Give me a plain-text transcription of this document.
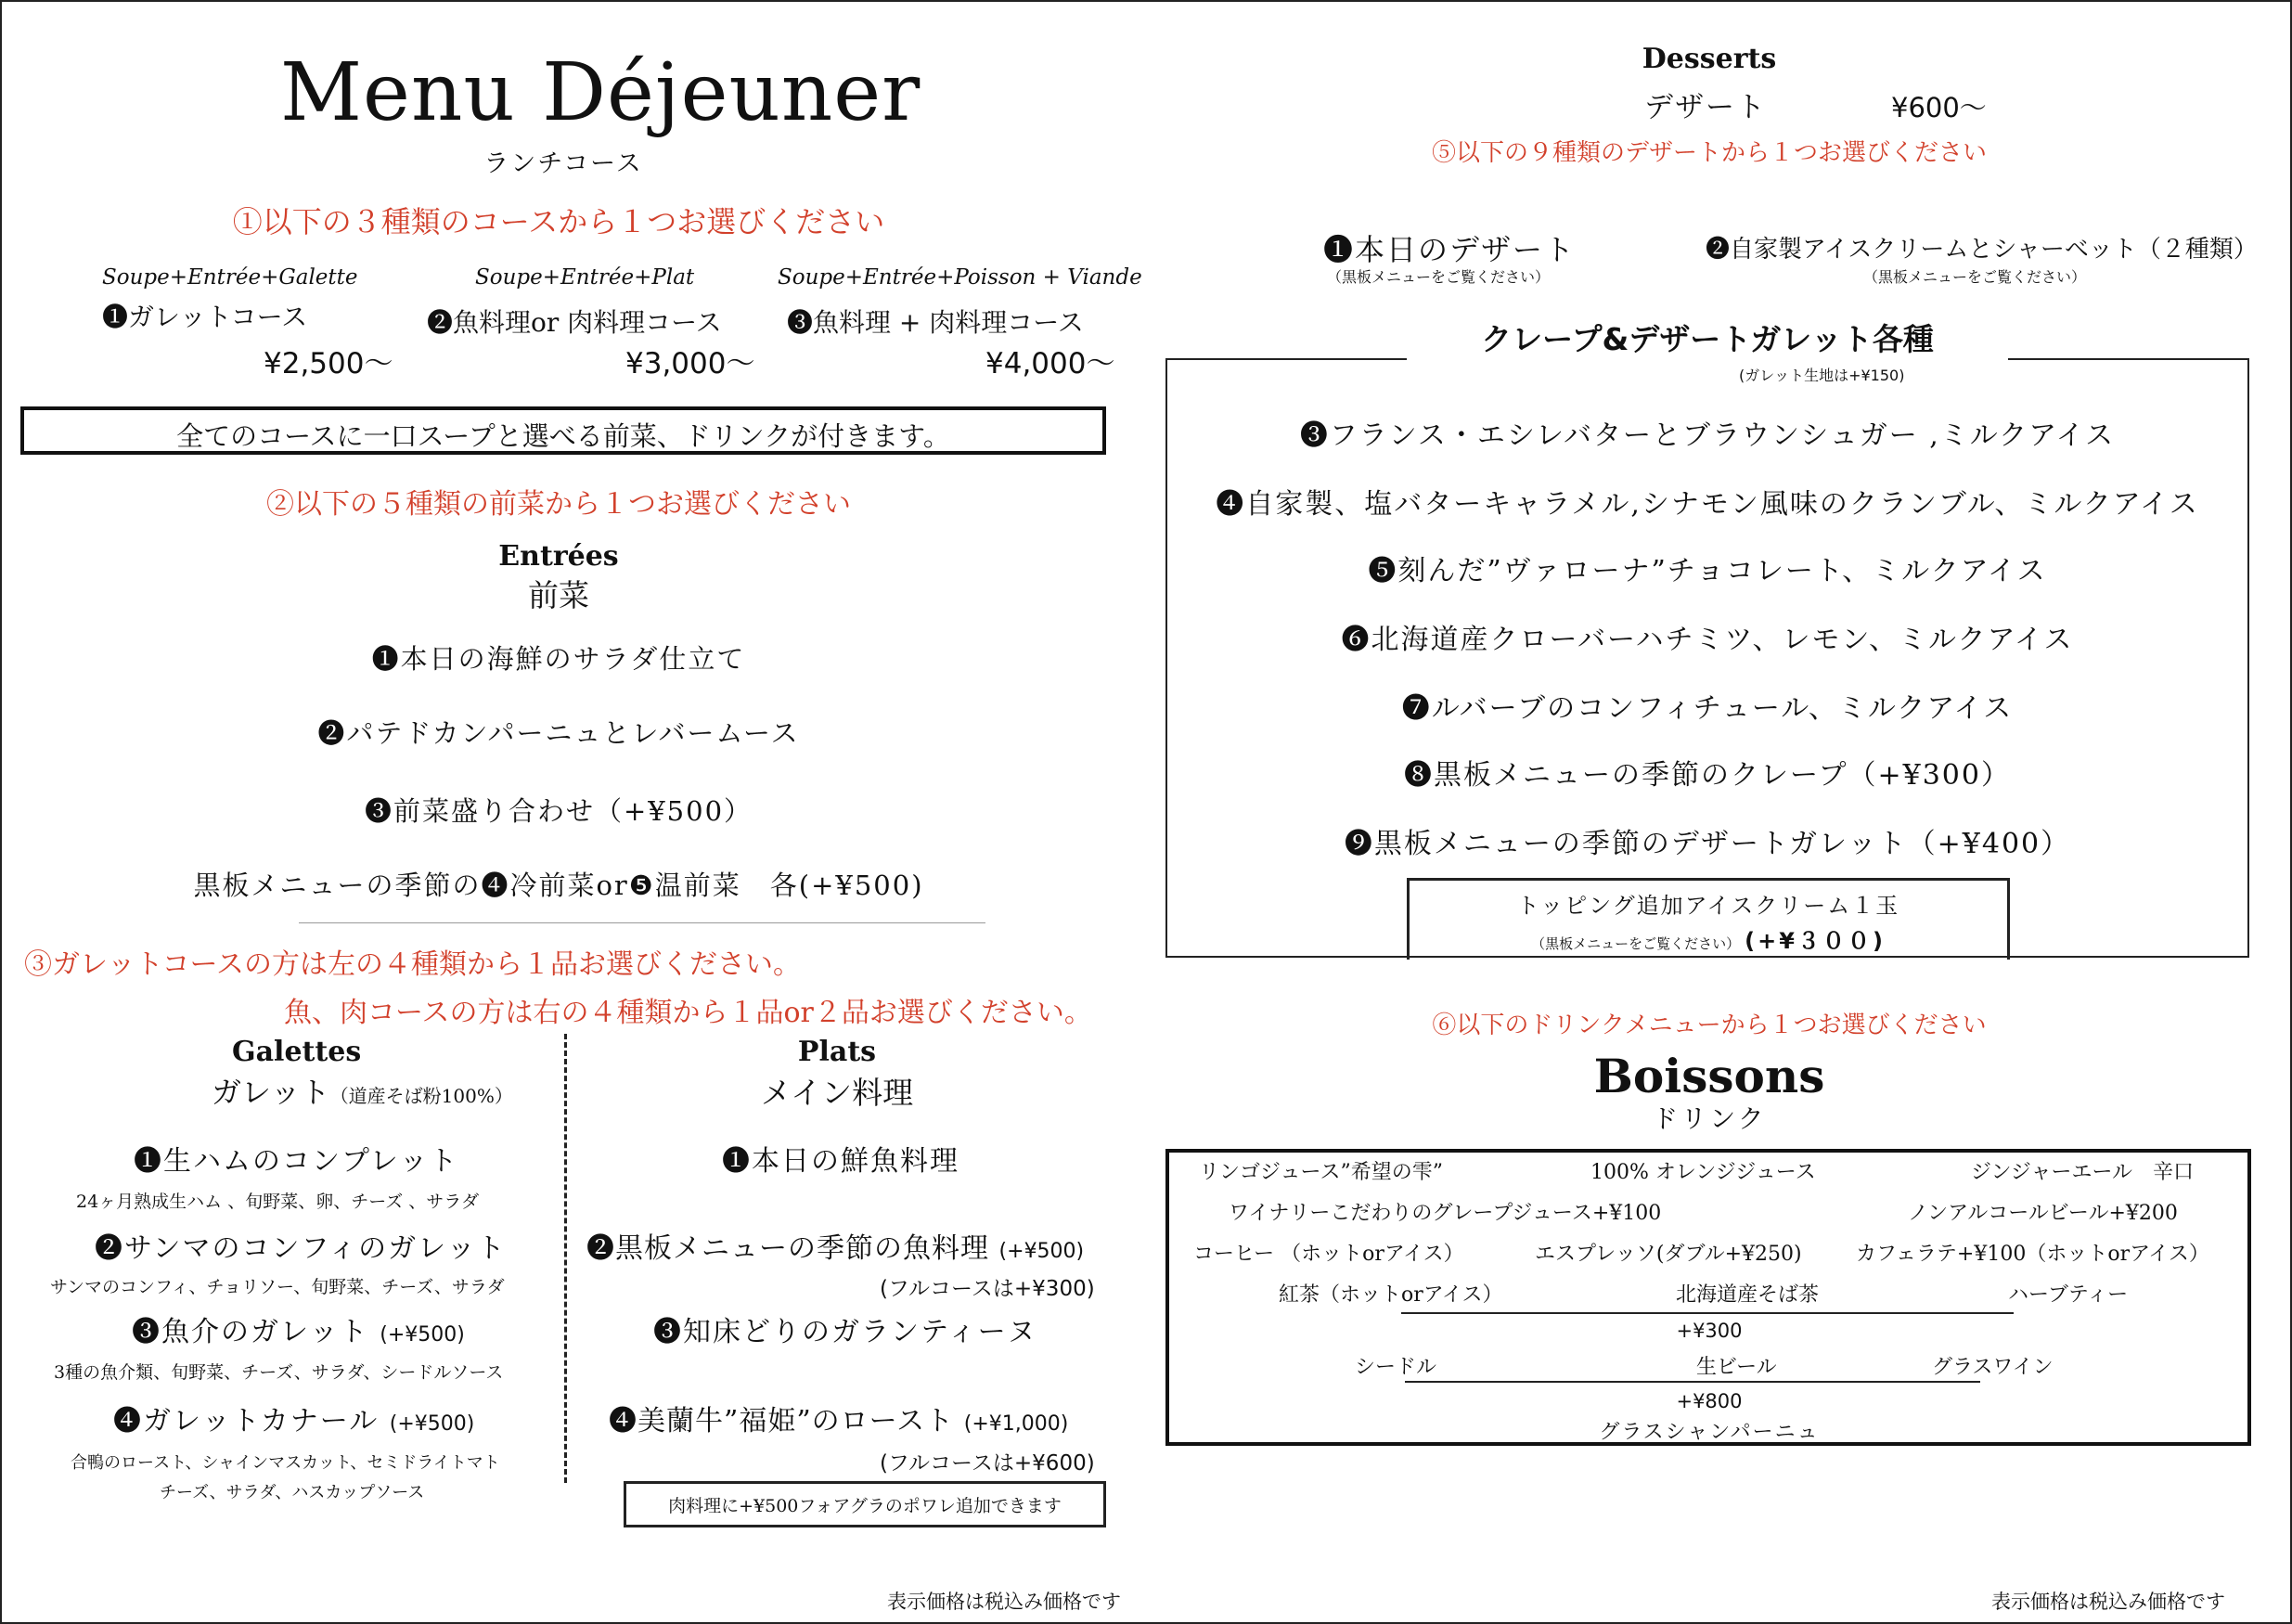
Menu Déjeuner
ランチコース
①以下の３種類のコースから１つお選びください
Soupe+Entrée+Galette
❶ガレットコース
¥2,500〜
Soupe+Entrée+Plat
❷魚料理or 肉料理コース
¥3,000〜
Soupe+Entrée+Poisson + Viande
❸魚料理 + 肉料理コース
¥4,000〜
全てのコースに一口スープと選べる前菜、ドリンクが付きます。
②以下の５種類の前菜から１つお選びください
Entrées
前菜
❶本日の海鮮のサラダ仕立て
❷パテドカンパーニュとレバームース
❸前菜盛り合わせ（+¥500）
黒板メニューの季節の❹冷前菜or❺温前菜　各(+¥500)
③ガレットコースの方は左の４種類から１品お選びください。
魚、肉コースの方は右の４種類から１品or２品お選びください。
Galettes
ガレット（道産そば粉100%）
❶生ハムのコンプレット
24ヶ月熟成生ハム 、旬野菜、卵、チーズ 、サラダ
❷サンマのコンフィのガレット
サンマのコンフィ、チョリソー、旬野菜、チーズ、サラダ
❸魚介のガレット (+¥500)
3種の魚介類、旬野菜、チーズ、サラダ、シードルソース
❹ガレットカナール (+¥500)
合鴨のロースト、シャインマスカット、セミドライトマト
チーズ、サラダ、ハスカップソース
Plats
メイン料理
❶本日の鮮魚料理
❷黒板メニューの季節の魚料理 (+¥500)
(フルコースは+¥300)
❸知床どりのガランティーヌ
❹美蘭牛”福姫”のロースト (+¥1,000)
(フルコースは+¥600)
肉料理に+¥500フォアグラのポワレ追加できます
表示価格は税込み価格です
Desserts
デザート	¥600〜
⑤以下の９種類のデザートから１つお選びください
❶本日のデザート
（黒板メニューをご覧ください）
❷自家製アイスクリームとシャーベット（２種類）
（黒板メニューをご覧ください）
クレープ&デザートガレット各種
(ガレット生地は+¥150)
❸フランス・エシレバターとブラウンシュガー ,ミルクアイス
❹自家製、塩バターキャラメル,シナモン風味のクランブル、ミルクアイス
❺刻んだ”ヴァローナ”チョコレート、ミルクアイス
❻北海道産クローバーハチミツ、レモン、ミルクアイス
❼ルバーブのコンフィチュール、ミルクアイス
❽黒板メニューの季節のクレープ（+¥300）
❾黒板メニューの季節のデザートガレット（+¥400）
トッピング追加アイスクリーム１玉
（黒板メニューをご覧ください） (+¥３００)
⑥以下のドリンクメニューから１つお選びください
Boissons
ドリンク
リンゴジュース”希望の雫”	100% オレンジジュース	ジンジャーエール　辛口
ワイナリーこだわりのグレープジュース+¥100	ノンアルコールビール+¥200
コーヒー （ホットorアイス）	エスプレッソ(ダブル+¥250)	カフェラテ+¥100（ホットorアイス）
紅茶（ホットorアイス）	北海道産そば茶	ハーブティー
+¥300
シードル	生ビール	グラスワイン
+¥800
グラスシャンパーニュ
表示価格は税込み価格です
